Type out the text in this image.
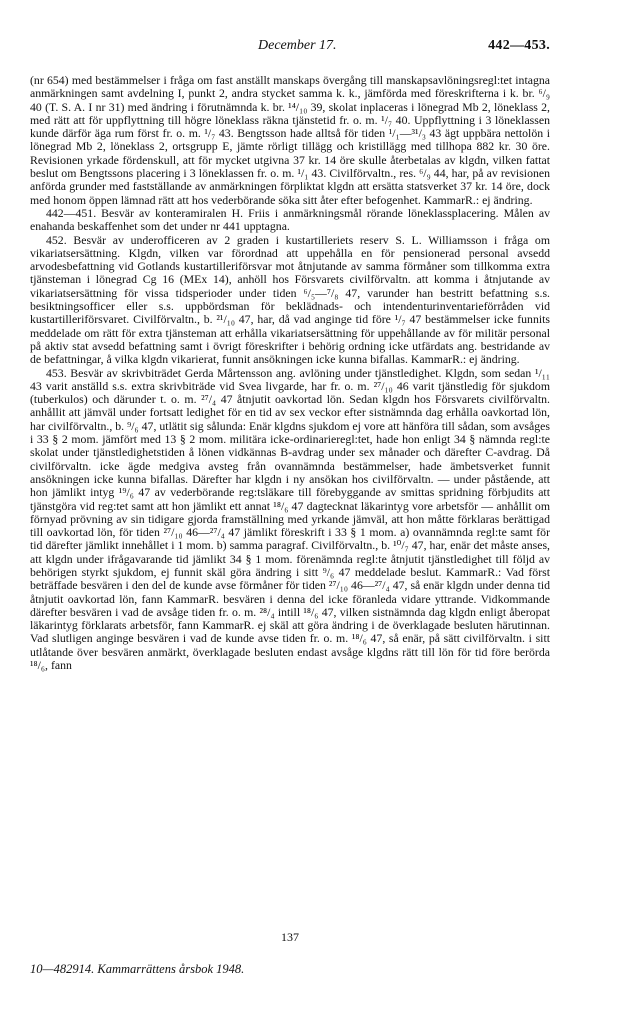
December 17.	442—453.

(nr 654) med bestämmelser i fråga om fast anställt manskaps övergång till manskapsavlöningsregl:tet intagna anmärkningen samt avdelning I, punkt 2, andra stycket samma k. k., jämförda med föreskrifterna i k. br. ⁶/₉ 40 (T. S. A. I nr 31) med ändring i förutnämnda k. br. ¹⁴/₁₀ 39, skolat inplaceras i lönegrad Mb 2, löneklass 2, med rätt att för uppflyttning till högre löneklass räkna tjänstetid fr. o. m. ¹/₇ 40. Uppflyttning i 3 löneklassen kunde därför äga rum först fr. o. m. ¹/₇ 43. Bengtsson hade alltså för tiden ¹/₁—³¹/₃ 43 ägt uppbära nettolön i lönegrad Mb 2, löneklass 2, ortsgrupp E, jämte rörligt tillägg och kristillägg med tillhopa 882 kr. 30 öre. Revisionen yrkade fördenskull, att för mycket utgivna 37 kr. 14 öre skulle återbetalas av klgdn, vilken fattat beslut om Bengtssons placering i 3 löneklassen fr. o. m. ¹/₁ 43. Civilförvaltn., res. ⁶/₉ 44, har, på av revisionen anförda grunder med fastställande av anmärkningen förpliktat klgdn att ersätta statsverket 37 kr. 14 öre, dock med honom öppen lämnad rätt att hos vederbörande söka sitt åter efter befogenhet. KammarR.: ej ändring.

442—451. Besvär av konteramiralen H. Friis i anmärkningsmål rörande löneklassplacering. Målen av enahanda beskaffenhet som det under nr 441 upptagna.

452. Besvär av underofficeren av 2 graden i kustartilleriets reserv S. L. Williamsson i fråga om vikariatsersättning. Klgdn, vilken var förordnad att uppehålla en för pensionerad personal avsedd arvodesbefattning vid Gotlands kustartilleriförsvar mot åtnjutande av samma förmåner som tillkomma extra tjänsteman i lönegrad Cg 16 (MEx 14), anhöll hos Försvarets civilförvaltn. att komma i åtnjutande av vikariatsersättning för vissa tidsperioder under tiden ⁶/₅—⁷/₈ 47, varunder han bestritt befattning s.s. besiktningsofficer eller s.s. uppbördsman för beklädnads- och intendenturinventarieförråden vid kustartilleriförsvaret. Civilförvaltn., b. ²¹/₁₀ 47, har, då vad anginge tid före ¹/₇ 47 bestämmelser icke funnits meddelade om rätt för extra tjänsteman att erhålla vikariatsersättning för uppehållande av för militär personal på aktiv stat avsedd befattning samt i övrigt föreskrifter i behörig ordning icke utfärdats ang. bestridande av de befattningar, å vilka klgdn vikarierat, funnit ansökningen icke kunna bifallas. KammarR.: ej ändring.

453. Besvär av skrivbiträdet Gerda Mårtensson ang. avlöning under tjänstledighet. Klgdn, som sedan ¹/₁₁ 43 varit anställd s.s. extra skrivbiträde vid Svea livgarde, har fr. o. m. ²⁷/₁₀ 46 varit tjänstledig för sjukdom (tuberkulos) och därunder t. o. m. ²⁷/₄ 47 åtnjutit oavkortad lön. Sedan klgdn hos Försvarets civilförvaltn. anhållit att jämväl under fortsatt ledighet för en tid av sex veckor efter sistnämnda dag erhålla oavkortad lön, har civilförvaltn., b. ⁹/₆ 47, utlätit sig sålunda: Enär klgdns sjukdom ej vore att hänföra till sådan, som avsåges i 33 § 2 mom. jämfört med 13 § 2 mom. militära icke-ordinarieregl:tet, hade hon enligt 34 § nämnda regl:te skolat under tjänstledighetstiden å lönen vidkännas B-avdrag under sex månader och därefter C-avdrag. Då civilförvaltn. icke ägde medgiva avsteg från ovannämnda bestämmelser, hade ämbetsverket funnit ansökningen icke kunna bifallas. Därefter har klgdn i ny ansökan hos civilförvaltn. — under påstående, att hon jämlikt intyg ¹⁹/₆ 47 av vederbörande reg:tsläkare till förebyggande av smittas spridning förbjudits att tjänstgöra vid reg:tet samt att hon jämlikt ett annat ¹⁸/₆ 47 dagtecknat läkarintyg vore arbetsför — anhållit om förnyad prövning av sin tidigare gjorda framställning med yrkande jämväl, att hon måtte förklaras berättigad till oavkortad lön, för tiden ²⁷/₁₀ 46—²⁷/₄ 47 jämlikt föreskrift i 33 § 1 mom. a) ovannämnda regl:te samt för tid därefter jämlikt innehållet i 1 mom. b) samma paragraf. Civilförvaltn., b. ¹⁰/₇ 47, har, enär det måste anses, att klgdn under ifrågavarande tid jämlikt 34 § 1 mom. förenämnda regl:te åtnjutit tjänstledighet till följd av behörigen styrkt sjukdom, ej funnit skäl göra ändring i sitt ⁹/₆ 47 meddelade beslut. KammarR.: Vad först beträffade besvären i den del de kunde avse förmåner för tiden ²⁷/₁₀ 46—²⁷/₄ 47, så enär klgdn under denna tid åtnjutit oavkortad lön, fann KammarR. besvären i denna del icke föranleda vidare yttrande. Vidkommande därefter besvären i vad de avsåge tiden fr. o. m. ²⁸/₄ intill ¹⁸/₆ 47, vilken sistnämnda dag klgdn enligt åberopat läkarintyg förklarats arbetsför, fann KammarR. ej skäl att göra ändring i de överklagade besluten härutinnan. Vad slutligen anginge besvären i vad de kunde avse tiden fr. o. m. ¹⁸/₆ 47, så enär, på sätt civilförvaltn. i sitt utlåtande över besvären anmärkt, överklagade besluten endast avsåge klgdns rätt till lön för tid före berörda ¹⁸/₆, fann

137
10—482914. Kammarrättens årsbok 1948.
